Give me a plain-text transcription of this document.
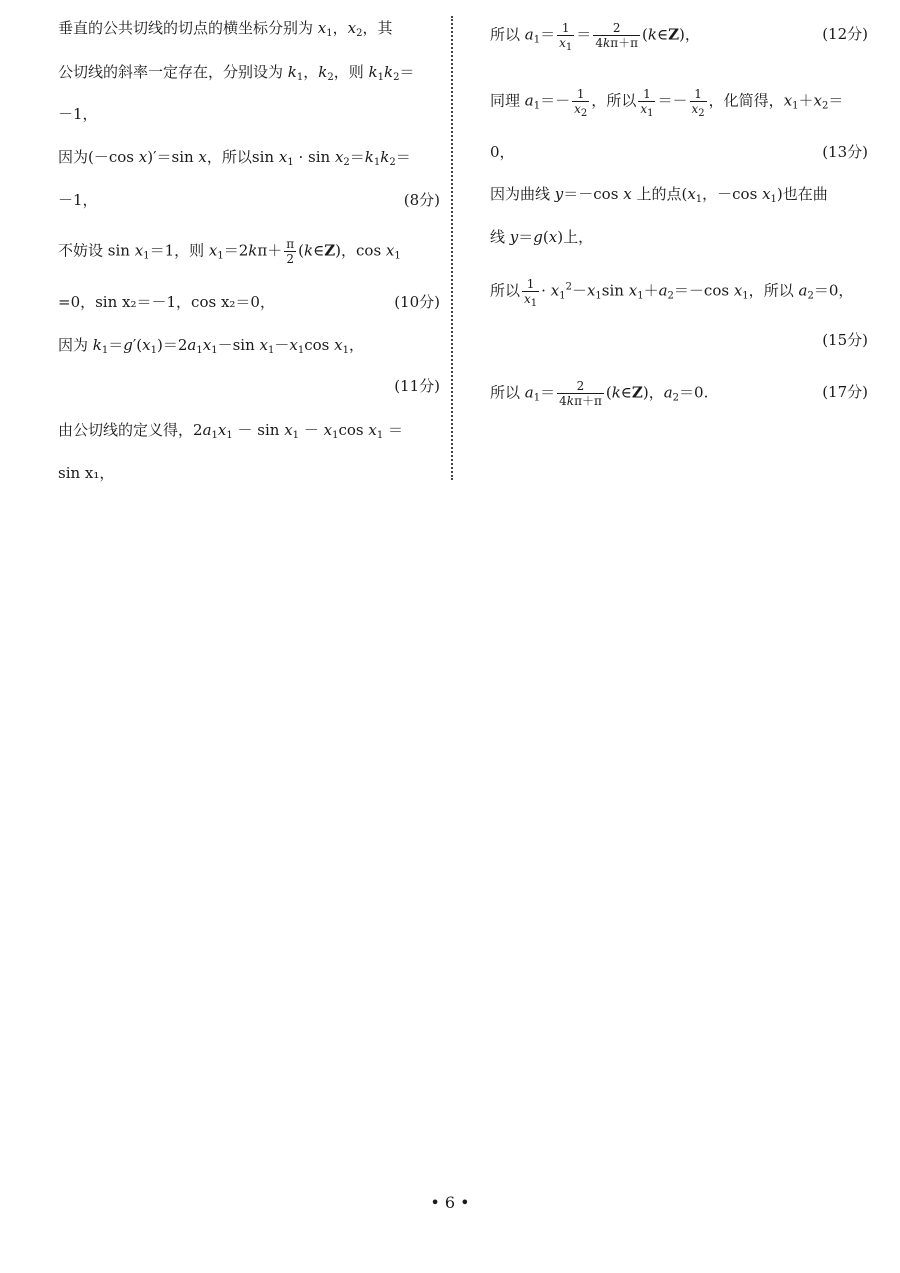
垂直的公共切线的切点的横坐标分别为 $x_1$，$x_2$，其
公切线的斜率一定存在，分别设为 $k_1$，$k_2$，则 $k_1k_2=$
－1，
因为(－cos x)′＝sin x，所以$\sin x_1 \cdot \sin x_2=k_1k_2=$
－1，	(8分)
不妨设 $\sin x_1=1$，则 $x_1=2k\pi+ \frac{\pi}{2}$ (k∈Z)，$\cos x_1$
=0，sin x₂＝－1，cos x₂＝0，	(10分)
因为 $k_1=g'(x_1)=2a_1x_1-\sin$ $x_1-x_1\cos$ $x_1$，
(11分)
由公切线的定义得，$2a_1x_1 - \sin x_1 - x_1\cos$ $x_1$ ＝
sin x₁，
所以 $a_1= \frac{1}{x_1} = \frac{2}{4k\pi+\pi}$ (k∈Z)，	(12分)
同理 $a_1=- \frac{1}{x_2}$ ，所以 $\frac{1}{x_1} =- \frac{1}{x_2}$ ，化简得，$x_1+x_2=$
0，	(13分)
因为曲线 y＝－cos x 上的点($x_1$，－cos $x_1$)也在曲
线 y＝g(x)上，
所以 $\frac{1}{x_1} \cdot x_1^2-x_1\sin$ $x_1+a_2=-\cos$ $x_1$，所以 $a_2=0$，
(15分)
所以 $a_1= \frac{2}{4k\pi+\pi}$ (k∈Z)，$a_2=0$.	(17分)
• 6 •
